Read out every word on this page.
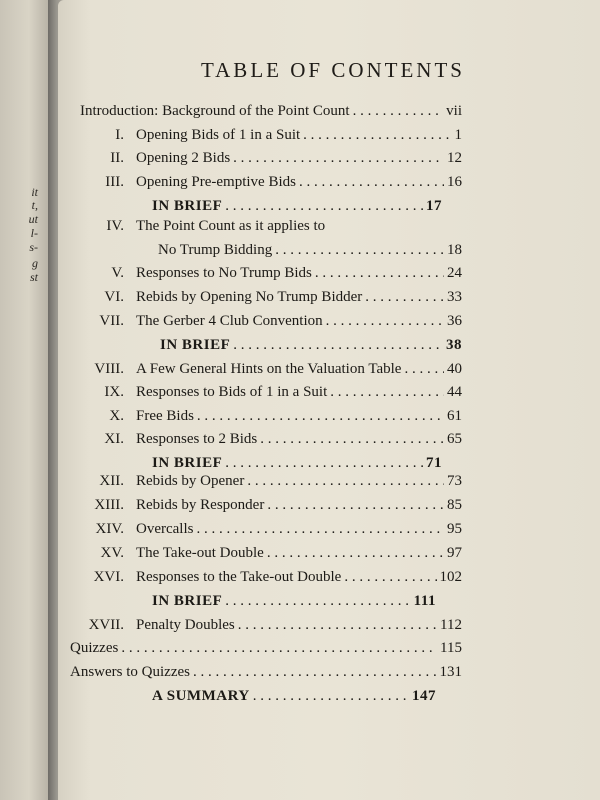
it
t,
ut
l-
s-
g
st
TABLE OF CONTENTS
Introduction: Background of the Point Count . . .	vii
I. Opening Bids of 1 in a Suit . . .	1
II. Opening 2 Bids . . .	12
III. Opening Pre-emptive Bids . . .	16
IN BRIEF . . .	17
IV. The Point Count as it applies to
No Trump Bidding . . .	18
V. Responses to No Trump Bids . . .	24
VI. Rebids by Opening No Trump Bidder . . .	33
VII. The Gerber 4 Club Convention . . .	36
IN BRIEF . . .	38
VIII. A Few General Hints on the Valuation Table . . .	40
IX. Responses to Bids of 1 in a Suit . . .	44
X. Free Bids . . .	61
XI. Responses to 2 Bids . . .	65
IN BRIEF . . .	71
XII. Rebids by Opener . . .	73
XIII. Rebids by Responder . . .	85
XIV. Overcalls . . .	95
XV. The Take-out Double . . .	97
XVI. Responses to the Take-out Double . . .	102
IN BRIEF . . .	111
XVII. Penalty Doubles . . .	112
Quizzes . . .	115
Answers to Quizzes . . .	131
A SUMMARY . . .	147
